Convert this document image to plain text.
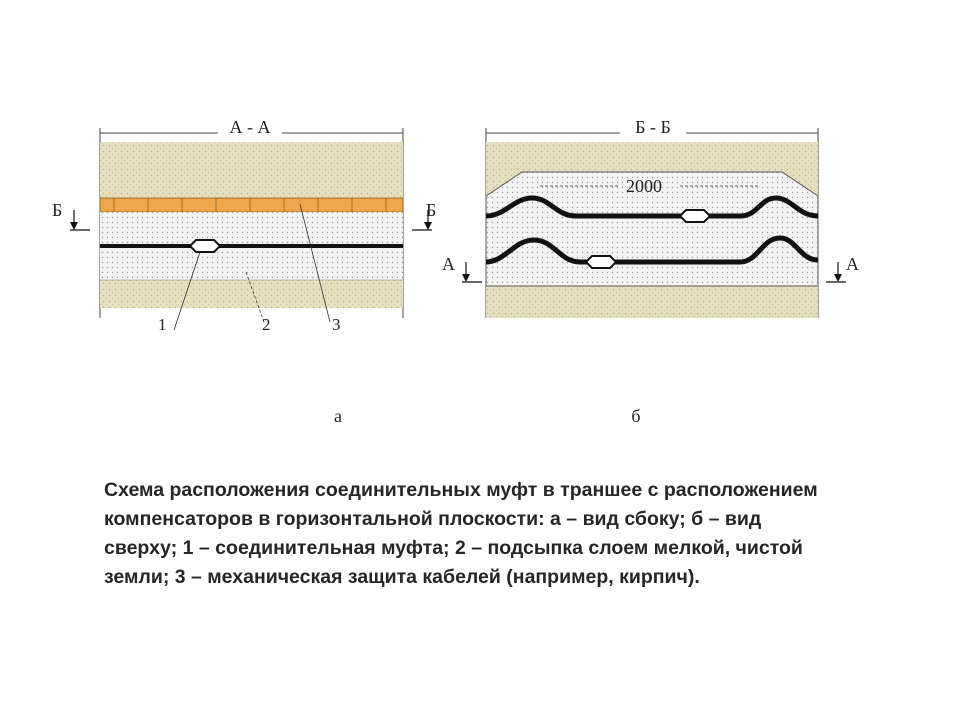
А - А
Б	Б
1	2	3
а
Б - Б
2000
А	А
б
Схема расположения соединительных муфт в траншее с расположением компенсаторов в горизонтальной плоскости: а – вид сбоку; б – вид сверху; 1 – соединительная муфта; 2 – подсыпка слоем мелкой, чистой земли; 3 – механическая защита кабелей (например, кирпич).
